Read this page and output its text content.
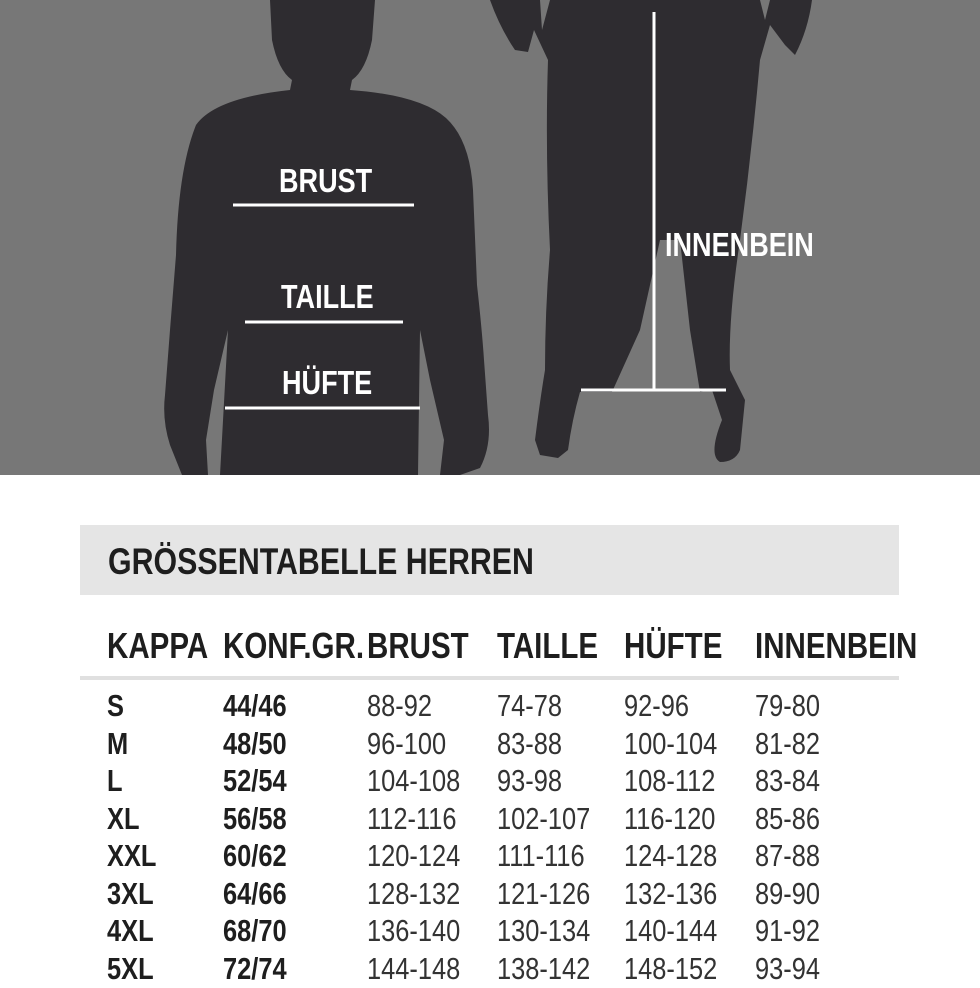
BRUST
TAILLE
HÜFTE
INNENBEIN
GRÖSSENTABELLE HERREN
KAPPA KONF.GR. BRUST TAILLE HÜFTE INNENBEIN
S	44/46	88-92 74-78 92-96 79-80
M	48/50	96-100 83-88 100-104 81-82
L	52/54	104-108 93-98 108-112 83-84
XL	56/58	112-116 102-107 116-120 85-86
XXL 60/62	120-124 111-116 124-128 87-88
3XL 64/66	128-132 121-126 132-136 89-90
4XL 68/70	136-140 130-134 140-144 91-92
5XL 72/74	144-148 138-142 148-152 93-94
